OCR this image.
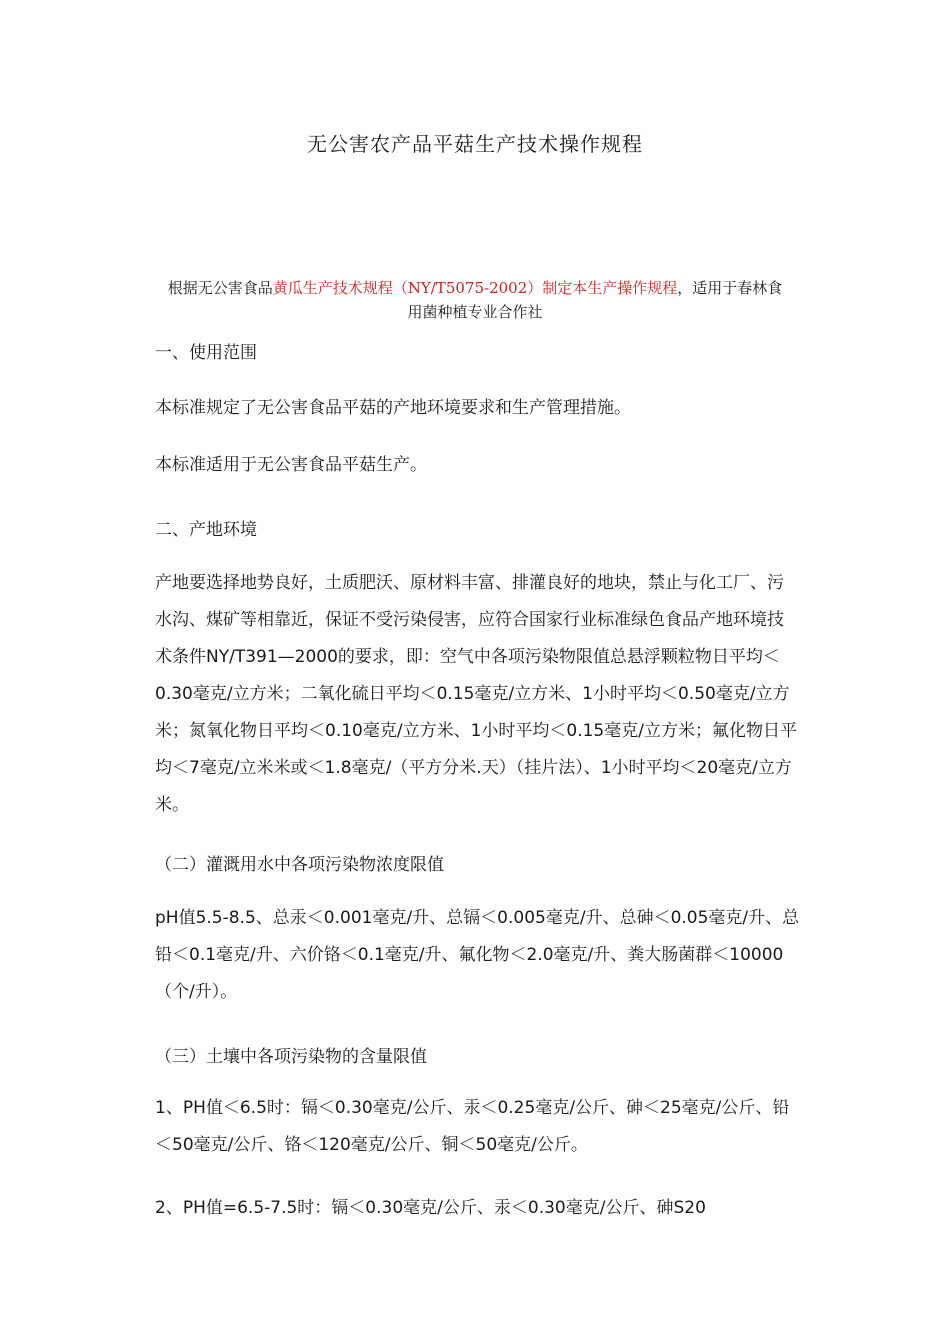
无公害农产品平菇生产技术操作规程
根据无公害食品黄瓜生产技术规程（NY/T5075-2002）制定本生产操作规程，适用于春林食用菌种植专业合作社
一、使用范围
本标准规定了无公害食品平菇的产地环境要求和生产管理措施。
本标准适用于无公害食品平菇生产。
二、产地环境
产地要选择地势良好，土质肥沃、原材料丰富、排灌良好的地块，禁止与化工厂、污水沟、煤矿等相靠近，保证不受污染侵害，应符合国家行业标准绿色食品产地环境技术条件NY/T391—2000的要求，即：空气中各项污染物限值总悬浮颗粒物日平均＜0.30毫克/立方米；二氧化硫日平均＜0.15毫克/立方米、1小时平均＜0.50毫克/立方米；氮氧化物日平均＜0.10毫克/立方米、1小时平均＜0.15毫克/立方米；氟化物日平均＜7毫克/立米米或＜1.8毫克/（平方分米.天）（挂片法）、1小时平均＜20毫克/立方米。
（二）灌溉用水中各项污染物浓度限值
pH值5.5-8.5、总汞＜0.001毫克/升、总镉＜0.005毫克/升、总砷＜0.05毫克/升、总铅＜0.1毫克/升、六价铬＜0.1毫克/升、氟化物＜2.0毫克/升、粪大肠菌群＜10000（个/升）。
（三）土壤中各项污染物的含量限值
1、PH值＜6.5时：镉＜0.30毫克/公斤、汞＜0.25毫克/公斤、砷＜25毫克/公斤、铅＜50毫克/公斤、铬＜120毫克/公斤、铜＜50毫克/公斤。
2、PH值=6.5-7.5时：镉＜0.30毫克/公斤、汞＜0.30毫克/公斤、砷S20
